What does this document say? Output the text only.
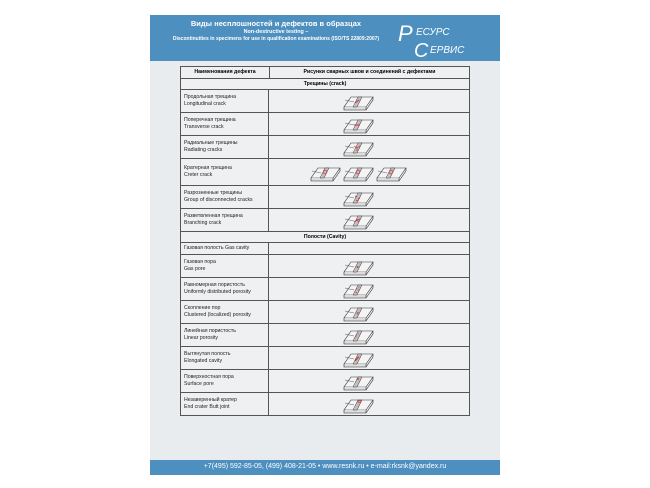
Виды несплошностей и дефектов в образцах
Non-destructive testing –
Discontinuities in specimens for use in qualification examinations (ISO/TS 22809:2007) Р ЕСУРС
С ЕРВИС
Наименования дефекта	Рисунки сварных швов и соединений с дефектами
Трещины (crack)
Продольная трещина
Longitudinal crack
Поперечная трещина
Transverse crack
Радиальные трещины
Radiating cracks
Кратерная трещина
Creter crack
Разрозненные трещины
Group of disconnected cracks
Разветвленная трещина
Branching crack
Полости (Cavity)
Газовая полость Gas cavity
Газовая пора
Gas pore
Равномерная пористость
Uniformly distributed porosity
Скопление пор
Clustered (localized) porosity
Линейная пористость
Linear porosity
Вытянутая полость
Elongated cavity
Поверхностная пора
Surface pore
Незаверенный кратер
End crater Butt joint
+7(495) 592-85-05, (499) 408-21-05 • www.resnk.ru • e-mail:rksnk@yandex.ru
